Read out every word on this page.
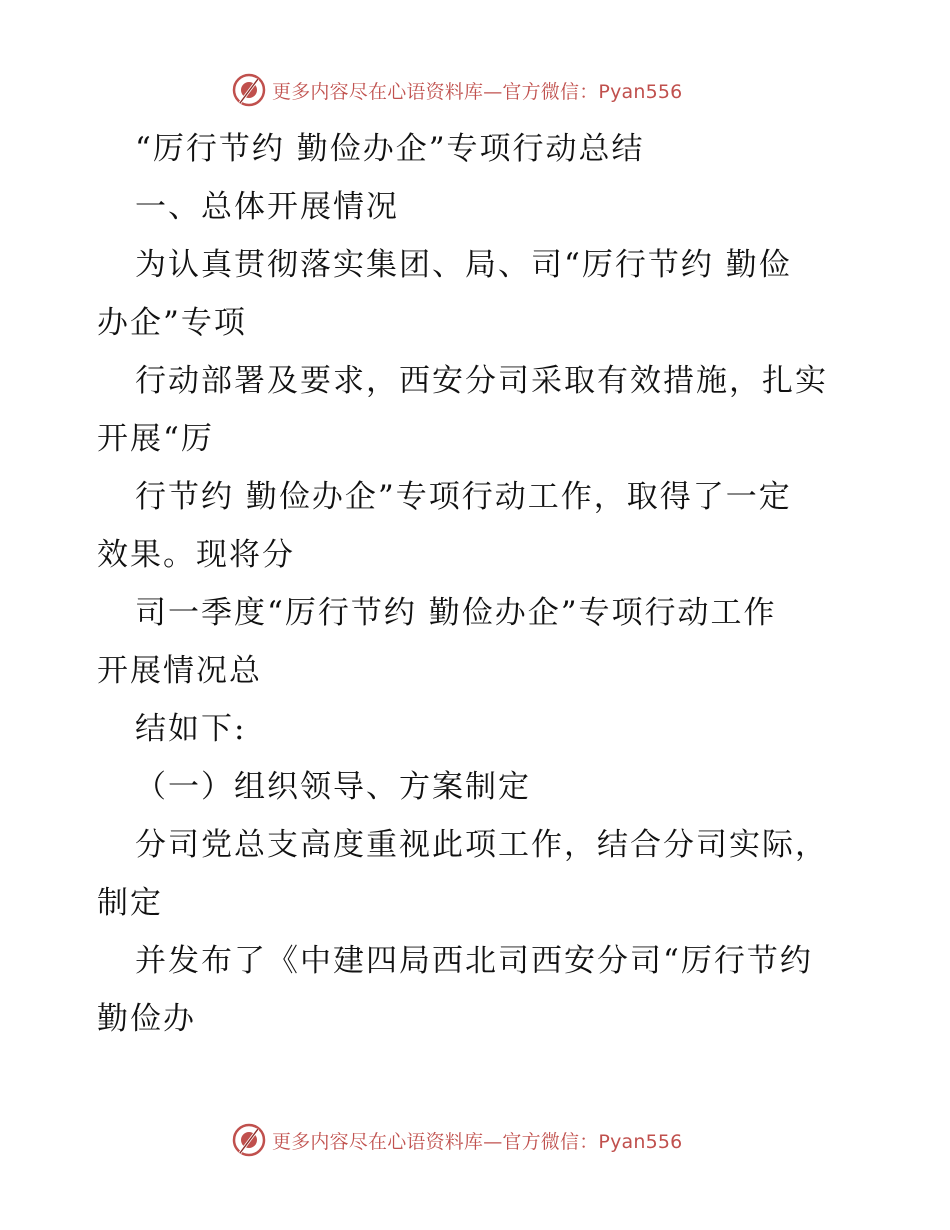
更多内容尽在心语资料库—官方微信：Pyan556

“厉行节约 勤俭办企”专项行动总结

一、总体开展情况

为认真贯彻落实集团、局、司“厉行节约 勤俭

办企”专项

行动部署及要求，西安分司采取有效措施，扎实

开展“厉

行节约 勤俭办企”专项行动工作，取得了一定

效果。现将分

司一季度“厉行节约 勤俭办企”专项行动工作

开展情况总

结如下:

（一）组织领导、方案制定

分司党总支高度重视此项工作，结合分司实际，

制定

并发布了《中建四局西北司西安分司“厉行节约

勤俭办

更多内容尽在心语资料库—官方微信：Pyan556
